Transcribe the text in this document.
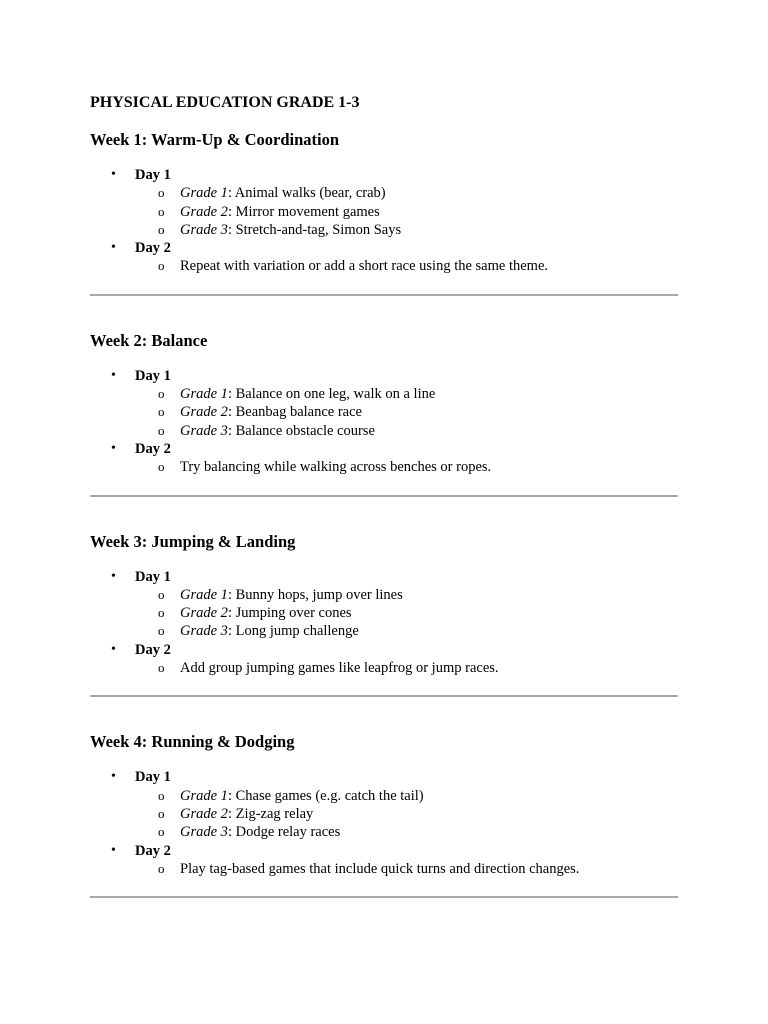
PHYSICAL EDUCATION GRADE 1-3
Week 1: Warm-Up & Coordination
• Day 1
o Grade 1: Animal walks (bear, crab)
o Grade 2: Mirror movement games
o Grade 3: Stretch-and-tag, Simon Says
• Day 2
o Repeat with variation or add a short race using the same theme.
Week 2: Balance
• Day 1
o Grade 1: Balance on one leg, walk on a line
o Grade 2: Beanbag balance race
o Grade 3: Balance obstacle course
• Day 2
o Try balancing while walking across benches or ropes.
Week 3: Jumping & Landing
• Day 1
o Grade 1: Bunny hops, jump over lines
o Grade 2: Jumping over cones
o Grade 3: Long jump challenge
• Day 2
o Add group jumping games like leapfrog or jump races.
Week 4: Running & Dodging
• Day 1
o Grade 1: Chase games (e.g. catch the tail)
o Grade 2: Zig-zag relay
o Grade 3: Dodge relay races
• Day 2
o Play tag-based games that include quick turns and direction changes.
